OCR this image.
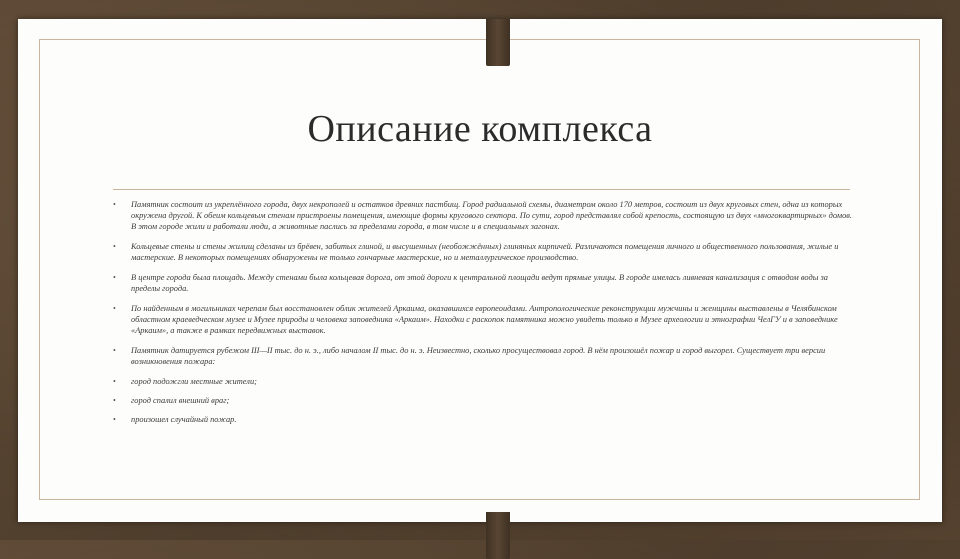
Описание комплекса
• Памятник состоит из укреплённого города, двух некрополей и остатков древних пастбищ. Город радиальной схемы, диаметром около 170 метров, состоит из двух круговых стен, одна из которых окружена другой. К обеим кольцевым стенам пристроены помещения, имеющие формы кругового сектора. По сути, город представлял собой крепость, состоящую из двух «многоквартирных» домов. В этом городе жили и работали люди, а животные паслись за пределами города, в том числе и в специальных загонах.
• Кольцевые стены и стены жилищ сделаны из брёвен, забитых глиной, и высушенных (необожжённых) глиняных кирпичей. Различаются помещения личного и общественного пользования, жилые и мастерские. В некоторых помещениях обнаружены не только гончарные мастерские, но и металлургическое производство.
• В центре города была площадь. Между стенами была кольцевая дорога, от этой дороги к центральной площади ведут прямые улицы. В городе имелась ливневая канализация с отводом воды за пределы города.
• По найденным в могильниках черепам был восстановлен облик жителей Аркаима, оказавшихся европеоидами. Антропологические реконструкции мужчины и женщины выставлены в Челябинском областном краеведческом музее и Музее природы и человека заповедника «Аркаим». Находки с раскопок памятника можно увидеть только в Музее археологии и этнографии ЧелГУ и в заповеднике «Аркаим», а также в рамках передвижных выставок.
• Памятник датируется рубежом III—II тыс. до н. э., либо началом II тыс. до н. э. Неизвестно, сколько просуществовал город. В нём произошёл пожар и город выгорел. Существует три версии возникновения пожара:
• город подожгли местные жители;
• город спалил внешний враг;
• произошел случайный пожар.
